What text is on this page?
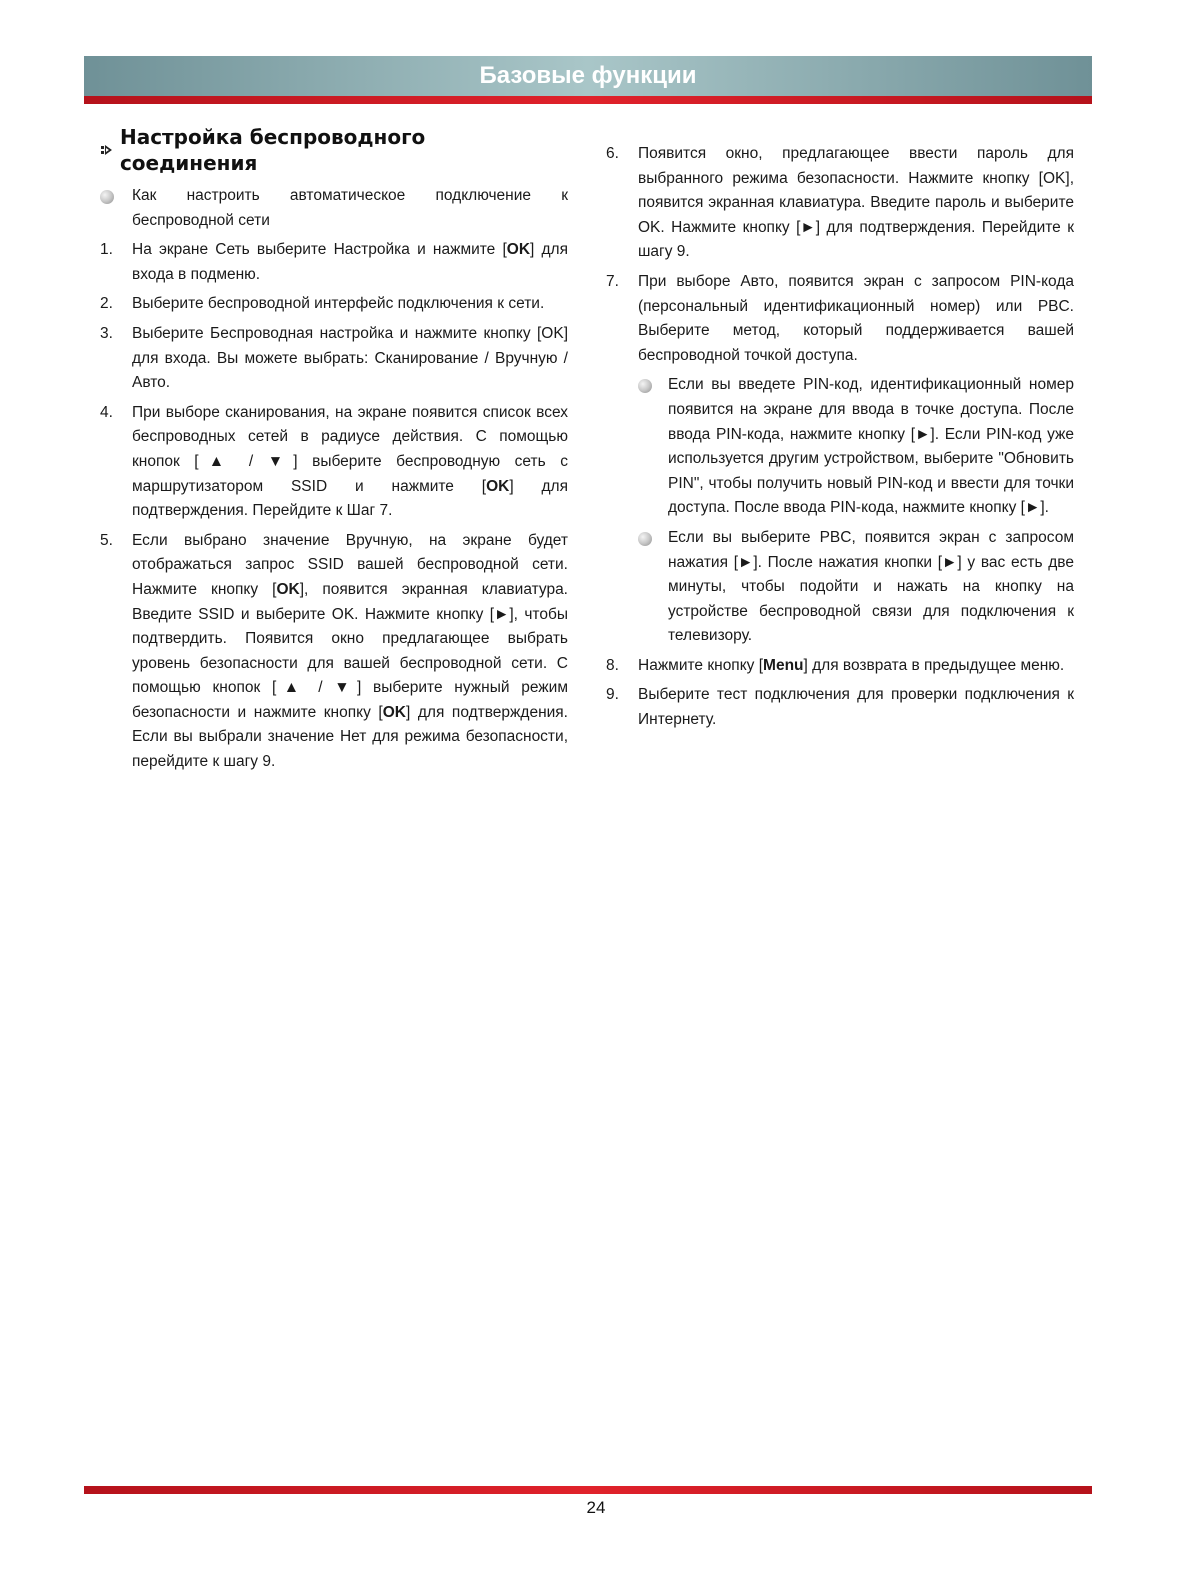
Базовые функции
Настройка беспроводного соединения
Как настроить автоматическое подключение к беспроводной сети
1.	На экране Сеть выберите Настройка и нажмите [OK] для входа в подменю.
2.	Выберите беспроводной интерфейс подключения к сети.
3.	Выберите Беспроводная настройка и нажмите кнопку [OK] для входа. Вы можете выбрать: Сканирование / Вручную / Авто.
4.	При выборе сканирования, на экране появится список всех беспроводных сетей в радиусе действия. С помощью кнопок [▲ / ▼] выберите беспроводную сеть с маршрутизатором SSID и нажмите [OK] для подтверждения. Перейдите к Шаг 7.
5.	Если выбрано значение Вручную, на экране будет отображаться запрос SSID вашей беспроводной сети. Нажмите кнопку [OK], появится экранная клавиатура. Введите SSID и выберите OK. Нажмите кнопку [►], чтобы подтвердить. Появится окно предлагающее выбрать уровень безопасности для вашей беспроводной сети. С помощью кнопок [▲ / ▼] выберите нужный режим безопасности и нажмите кнопку [OK] для подтверждения. Если вы выбрали значение Нет для режима безопасности, перейдите к шагу 9.
6.	Появится окно, предлагающее ввести пароль для выбранного режима безопасности. Нажмите кнопку [OK], появится экранная клавиатура. Введите пароль и выберите OK. Нажмите кнопку [►] для подтверждения. Перейдите к шагу 9.
7.	При выборе Авто, появится экран с запросом PIN-кода (персональный идентификационный номер) или PBC. Выберите метод, который поддерживается вашей беспроводной точкой доступа.
Если вы введете PIN-код, идентификационный номер появится на экране для ввода в точке доступа. После ввода PIN-кода, нажмите кнопку [►]. Если PIN-код уже используется другим устройством, выберите "Обновить PIN", чтобы получить новый PIN-код и ввести для точки доступа. После ввода PIN-кода, нажмите кнопку [►].
Если вы выберите PBC, появится экран с запросом нажатия [►]. После нажатия кнопки [►] у вас есть две минуты, чтобы подойти и нажать на кнопку на устройстве беспроводной связи для подключения к телевизору.
8.	Нажмите кнопку [Menu] для возврата в предыдущее меню.
9.	Выберите тест подключения для проверки подключения к Интернету.
24
